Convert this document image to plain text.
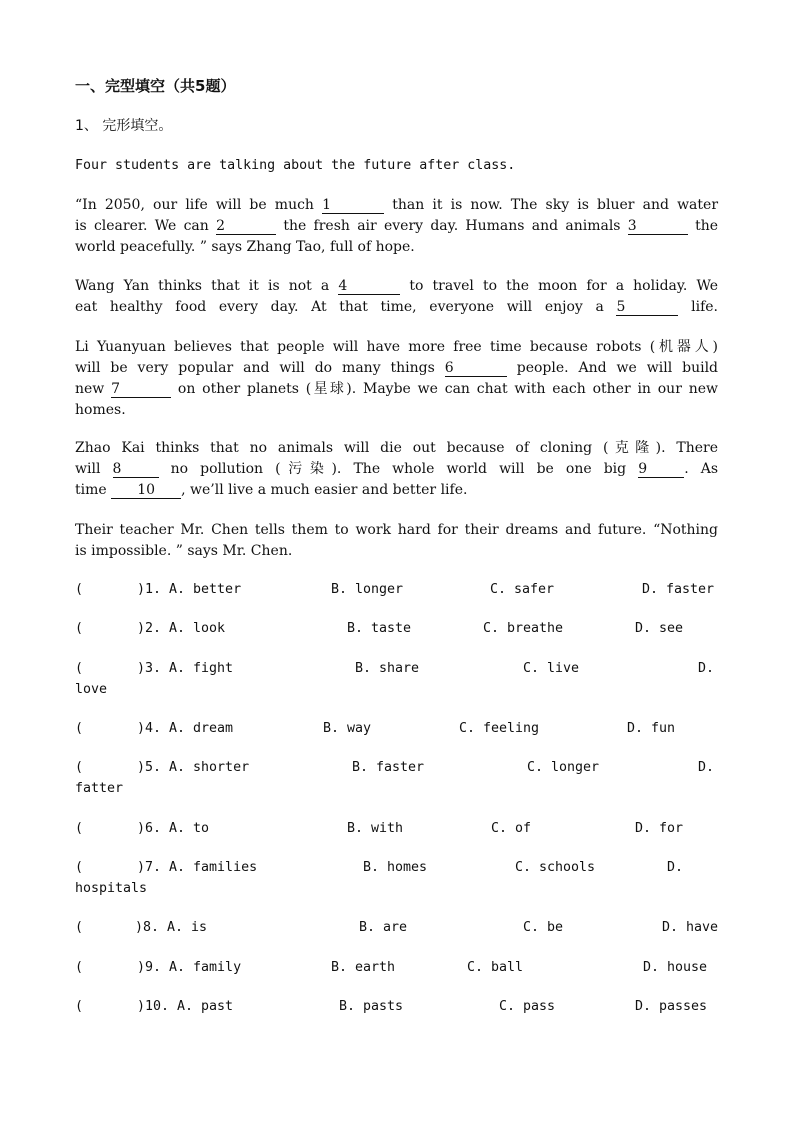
一、完型填空（共5题）
1、 完形填空。
Four students are talking about the future after class.
“In 2050, our life will be much 1	than it is now. The sky is bluer and water
is clearer. We can 2	the fresh air every day. Humans and animals 3	the
world peacefully. ” says Zhang Tao, full of hope.
Wang Yan thinks that it is not a 4	to travel to the moon for a holiday. We
eat healthy food every day. At that time, everyone will enjoy a 5	life.
Li Yuanyuan believes that people will have more free time because robots (机器人)
will be very popular and will do many things 6	people. And we will build
new 7	on other planets (星球). Maybe we can chat with each other in our new
homes.
Zhao Kai thinks that no animals will die out because of cloning (克隆). There
will 8	no pollution (污染). The whole world will be one big 9	. As
time 10 , we’ll live a much easier and better life.
Their teacher Mr. Chen tells them to work hard for their dreams and future. “Nothing
is impossible. ” says Mr. Chen.
(	)1. A. better	B. longer	C. safer	D. faster
(	)2. A. look	B. taste	C. breathe	D. see
(	)3. A. fight	B. share	C. live	D.
love
(	)4. A. dream	B. way	C. feeling	D. fun
(	)5. A. shorter	B. faster	C. longer	D.
fatter
(	)6. A. to	B. with	C. of	D. for
(	)7. A. families	B. homes	C. schools	D.
hospitals
(	)8. A. is	B. are	C. be	D. have
(	)9. A. family	B. earth	C. ball	D. house
(	)10. A. past	B. pasts	C. pass	D. passes
